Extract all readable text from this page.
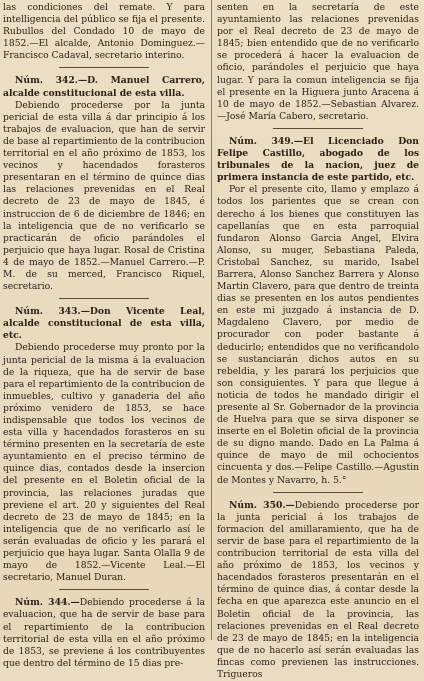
las condiciones del remate. Y para intelligencia del público se fija el presente. Rubullos del Condado 10 de mayo de 1852.—El alcalde, Antonio Dominguez.—Francisco Cadaval, secretario interino.

Núm. 342.—D. Manuel Carrero, alcalde constitucional de esta villa.

Debiendo procederse por la junta pericial de esta villa á dar principio á los trabajos de evaluacion, que han de servir de base al repartimiento de la contribucion territorial en el año próximo de 1853, los vecinos y hacendados forasteros presentaran en el término de quince dias las relaciones prevenidas en el Real decreto de 23 de mayo de 1845, é instruccion de 6 de diciembre de 1846; en la inteligencia que de no verificarlo se practicarán de oficio parándoles el perjuicio que haya lugar. Rosal de Cristina 4 de mayo de 1852.—Manuel Carrero.—P. M. de su merced, Francisco Riquel, secretario.

Núm. 343.—Don Vicente Leal, alcalde constitucional de esta villa, etc.

Debiendo procederse muy pronto por la junta pericial de la misma á la evaluacion de la riqueza, que ha de servir de base para el repartimiento de la contribucion de inmuebles, cultivo y ganaderia del año próximo venidero de 1853, se hace indispensable que todos los vecinos de esta villa y hacendados forasteros en su término presenten en la secretaría de este ayuntamiento en el preciso término de quince dias, contados desde la insercion del presente en el Boletin oficial de la provincia, las relaciones juradas que previene el art. 20 y siguientes del Real decreto de 23 de mayo de 1845; en la inteligencia que de no verificarlo así le serán evaluadas de oficio y les parará el perjuicio que haya lugar. Santa Olalla 9 de mayo de 1852.—Vicente Leal.—El secretario, Manuel Duran.

Núm. 344.—Debiendo procederse á la evaluacion, que ha de servir de base para el repartimiento de la contribucion territorial de esta villa en el año próximo de 1853, se previene á los contribuyentes que dentro del término de 15 dias pre-

senten en la secretaría de este ayuntamiento las relaciones prevenidas por el Real decreto de 23 de mayo de 1845; bien entendido que de no verificarlo se procederá á hacer la evaluacion de oficio, parándoles el perjuicio que haya lugar. Y para la comun inteligencia se fija el presente en la Higuera junto Aracena á 10 de mayo de 1852.—Sebastian Alvarez.—José María Cabero, secretario.

Núm. 349.—El Licenciado Don Felipe Castillo, abogado de los tribunales de la nacion, juez de primera instancia de este partido, etc.

Por el presente cito, llamo y emplazo á todos los parientes que se crean con derecho á los bienes que constituyen las capellanías que en esta parroquial fundaron Alonso Garcia Angel, Elvira Alonso, su muger, Sebastiana Paleda, Cristobal Sanchez, su marido, Isabel Barrera, Alonso Sanchez Barrera y Alonso Martin Clavero, para que dentro de treinta dias se presenten en los autos pendientes en este mi juzgado á instancia de D. Magdaleno Clavero, por medio de procurador con poder bastante á deducirlo; entendidos que no verificandolo se sustanciarán dichos autos en su rebeldia, y les parará los perjuicios que son consiguientes. Y para que llegue á noticia de todos he mandado dirigir el presente al Sr. Gobernador de la provincia de Huelva para que se sirva disponer se inserte en el Boletin oficial de la provincia de su digno mando. Dado en La Palma á quince de mayo de mil ochocientos cincuenta y dos.—Felipe Castillo.—Agustin de Montes y Navarro, h. 5.°

Núm. 350.—Debiendo procederse por la junta pericial á los trabajos de formacion del amillaramiento, que ha de servir de base para el repartimiento de la contribucion territorial de esta villa del año próximo de 1853, los vecinos y hacendados forasteros presentarán en el término de quince dias, á contar desde la fecha en que aparezca este anuncio en el Boletin oficial de la provincia, las relaciones prevenidas en el Real decreto de 23 de mayo de 1845; en la inteligencia que de no hacerlo así serán evaluadas las fincas como previenen las instrucciones. Trigueros
